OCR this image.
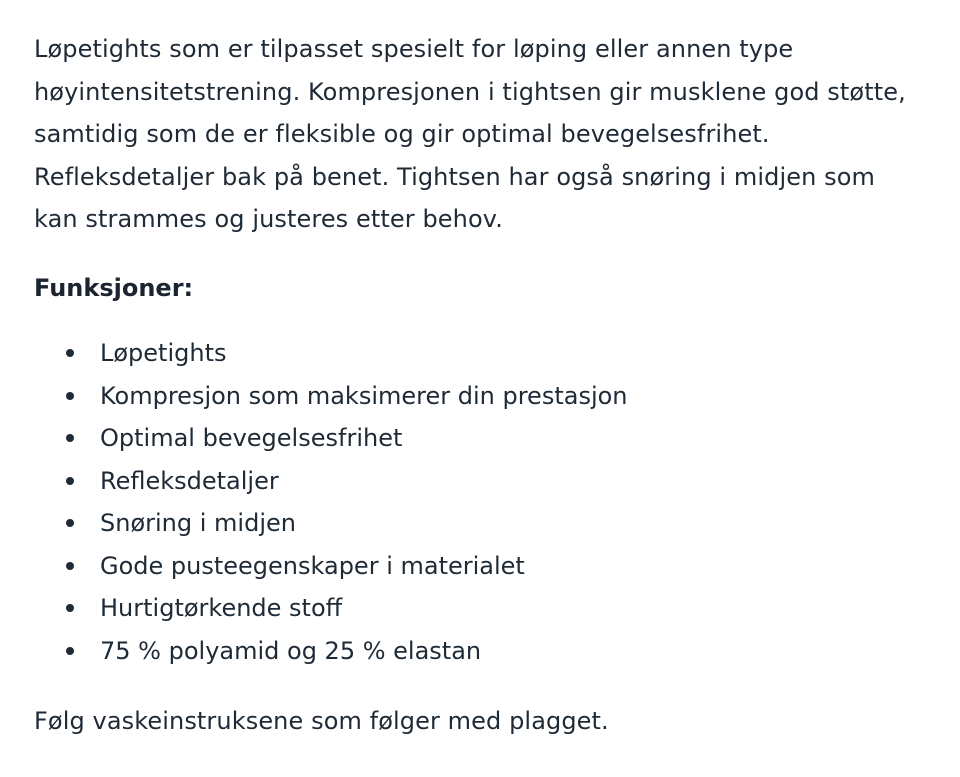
Løpetights som er tilpasset spesielt for løping eller annen type høyintensitetstrening. Kompresjonen i tightsen gir musklene god støtte, samtidig som de er fleksible og gir optimal bevegelsesfrihet. Refleksdetaljer bak på benet. Tightsen har også snøring i midjen som kan strammes og justeres etter behov.

Funksjoner:

Løpetights
Kompresjon som maksimerer din prestasjon
Optimal bevegelsesfrihet
Refleksdetaljer
Snøring i midjen
Gode pusteegenskaper i materialet
Hurtigtørkende stoff
75 % polyamid og 25 % elastan

Følg vaskeinstruksene som følger med plagget.
